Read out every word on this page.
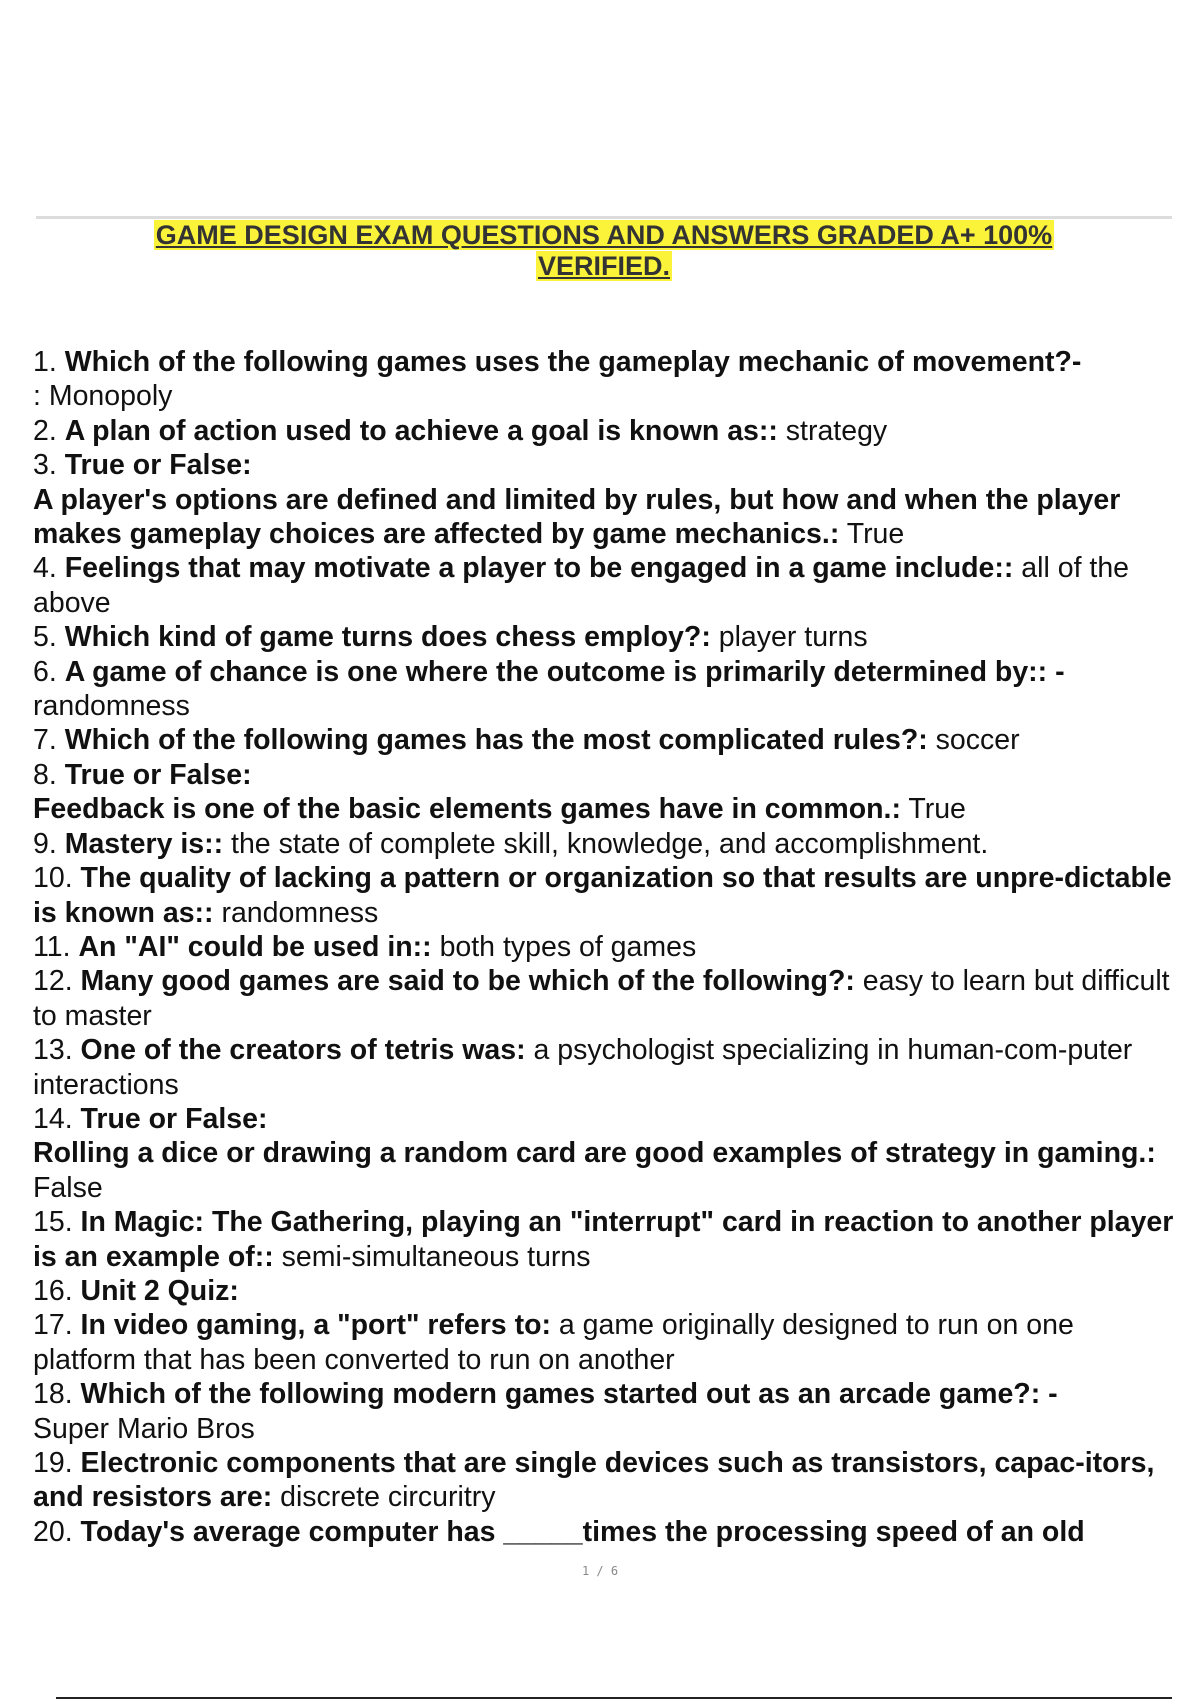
GAME DESIGN EXAM QUESTIONS AND ANSWERS GRADED A+ 100%
VERIFIED.
1. Which of the following games uses the gameplay mechanic of movement?-
: Monopoly
2. A plan of action used to achieve a goal is known as:: strategy
3. True or False:
A player's options are defined and limited by rules, but how and when the player makes gameplay choices are affected by game mechanics.: True
4. Feelings that may motivate a player to be engaged in a game include:: all of the above
5. Which kind of game turns does chess employ?: player turns
6. A game of chance is one where the outcome is primarily determined by:: -
randomness
7. Which of the following games has the most complicated rules?: soccer
8. True or False:
Feedback is one of the basic elements games have in common.: True
9. Mastery is:: the state of complete skill, knowledge, and accomplishment.
10. The quality of lacking a pattern or organization so that results are unpre-dictable is known as:: randomness
11. An "AI" could be used in:: both types of games
12. Many good games are said to be which of the following?: easy to learn but difficult to master
13. One of the creators of tetris was: a psychologist specializing in human-com-puter interactions
14. True or False:
Rolling a dice or drawing a random card are good examples of strategy in gaming.: False
15. In Magic: The Gathering, playing an "interrupt" card in reaction to another player is an example of:: semi-simultaneous turns
16. Unit 2 Quiz:
17. In video gaming, a "port" refers to: a game originally designed to run on one platform that has been converted to run on another
18. Which of the following modern games started out as an arcade game?: -
Super Mario Bros
19. Electronic components that are single devices such as transistors, capac-itors, and resistors are: discrete circuritry
20. Today's average computer has _____times the processing speed of an old
1 / 6
